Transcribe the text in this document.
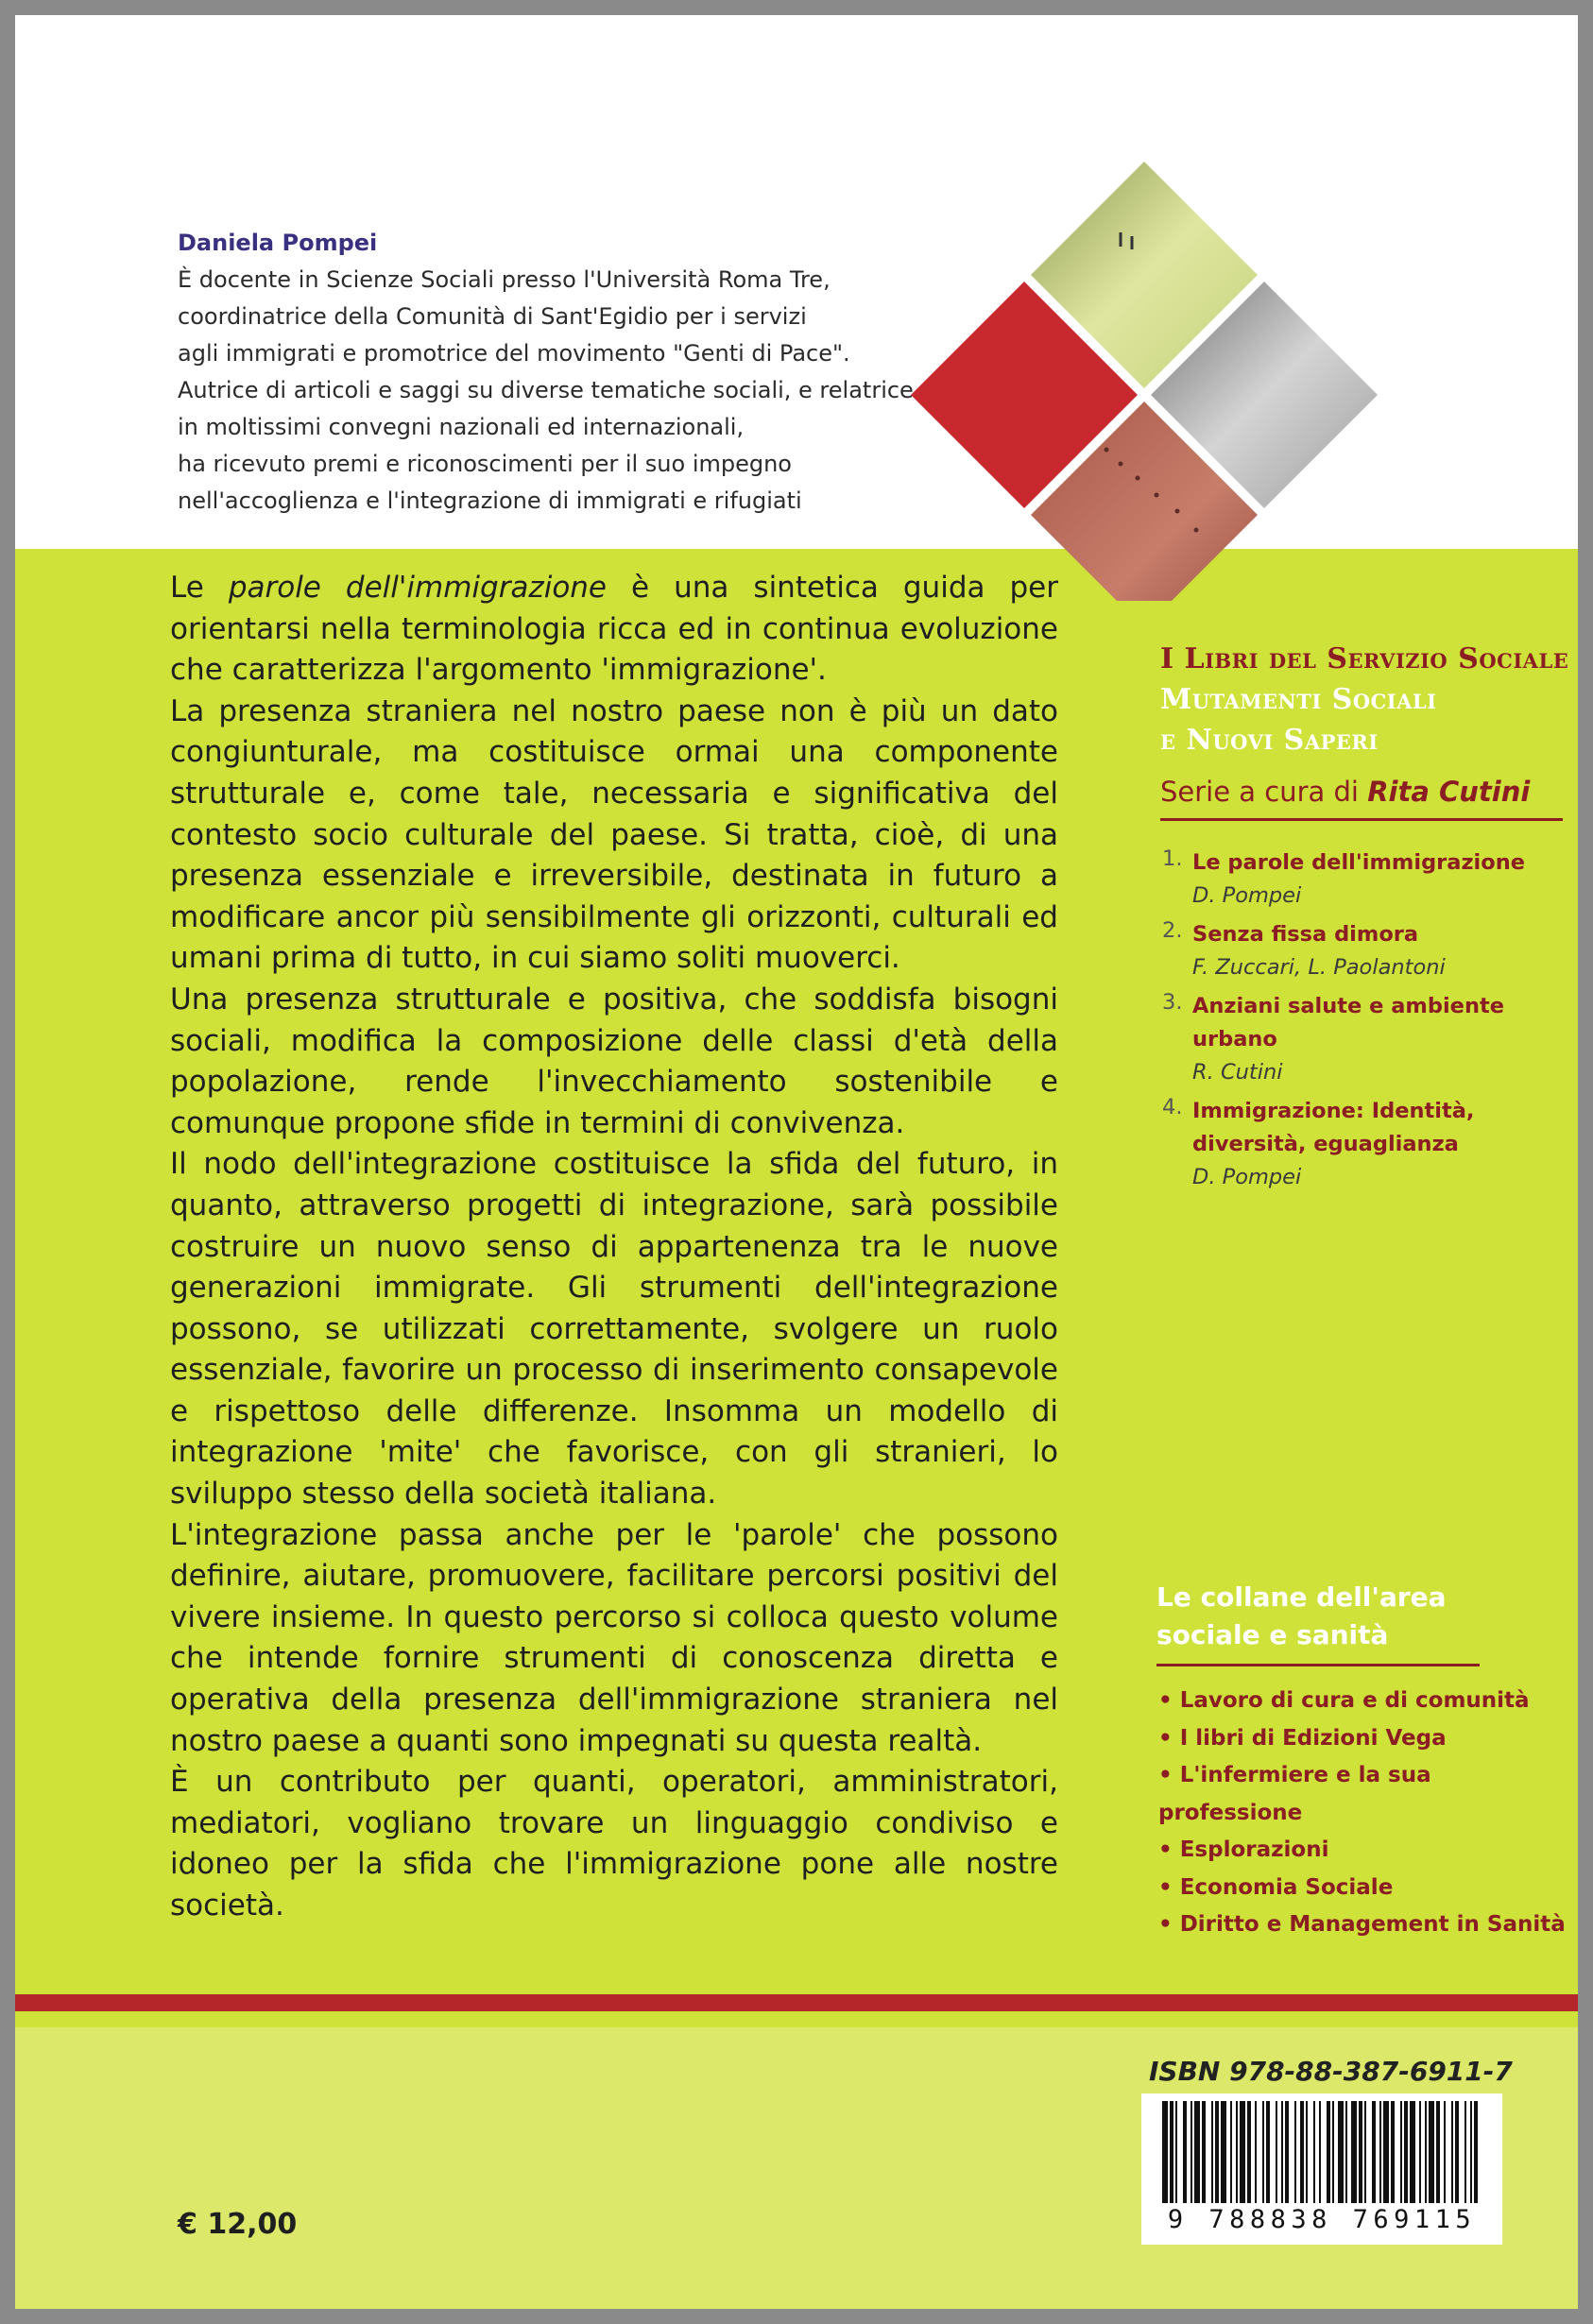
Daniela Pompei
È docente in Scienze Sociali presso l'Università Roma Tre,
coordinatrice della Comunità di Sant'Egidio per i servizi
agli immigrati e promotrice del movimento "Genti di Pace".
Autrice di articoli e saggi su diverse tematiche sociali, e relatrice
in moltissimi convegni nazionali ed internazionali,
ha ricevuto premi e riconoscimenti per il suo impegno
nell'accoglienza e l'integrazione di immigrati e rifugiati

Le parole dell'immigrazione è una sintetica guida per orientarsi nella terminologia ricca ed in continua evoluzione che caratterizza l'argomento 'immigrazione'.

La presenza straniera nel nostro paese non è più un dato congiunturale, ma costituisce ormai una componente strutturale e, come tale, necessaria e significativa del contesto socio culturale del paese. Si tratta, cioè, di una presenza essenziale e irreversibile, destinata in futuro a modificare ancor più sensibilmente gli orizzonti, culturali ed umani prima di tutto, in cui siamo soliti muoverci.

Una presenza strutturale e positiva, che soddisfa bisogni sociali, modifica la composizione delle classi d'età della popolazione, rende l'invecchiamento sostenibile e comunque propone sfide in termini di convivenza.

Il nodo dell'integrazione costituisce la sfida del futuro, in quanto, attraverso progetti di integrazione, sarà possibile costruire un nuovo senso di appartenenza tra le nuove generazioni immigrate. Gli strumenti dell'integrazione possono, se utilizzati correttamente, svolgere un ruolo essenziale, favorire un processo di inserimento consapevole e rispettoso delle differenze. Insomma un modello di integrazione 'mite' che favorisce, con gli stranieri, lo sviluppo stesso della società italiana.

L'integrazione passa anche per le 'parole' che possono definire, aiutare, promuovere, facilitare percorsi positivi del vivere insieme. In questo percorso si colloca questo volume che intende fornire strumenti di conoscenza diretta e operativa della presenza dell'immigrazione straniera nel nostro paese a quanti sono impegnati su questa realtà.

È un contributo per quanti, operatori, amministratori, mediatori, vogliano trovare un linguaggio condiviso e idoneo per la sfida che l'immigrazione pone alle nostre società.

I Libri del Servizio Sociale
Mutamenti Sociali
e Nuovi Saperi
Serie a cura di Rita Cutini
1. Le parole dell'immigrazione
D. Pompei
2. Senza fissa dimora
F. Zuccari, L. Paolantoni
3. Anziani salute e ambiente urbano
R. Cutini
4. Immigrazione: Identità, diversità, eguaglianza
D. Pompei
Le collane dell'area
sociale e sanità
• Lavoro di cura e di comunità
• I libri di Edizioni Vega
• L'infermiere e la sua professione
• Esplorazioni
• Economia Sociale
• Diritto e Management in Sanità
ISBN 978-88-387-6911-7
9 788838 769115
€ 12,00
